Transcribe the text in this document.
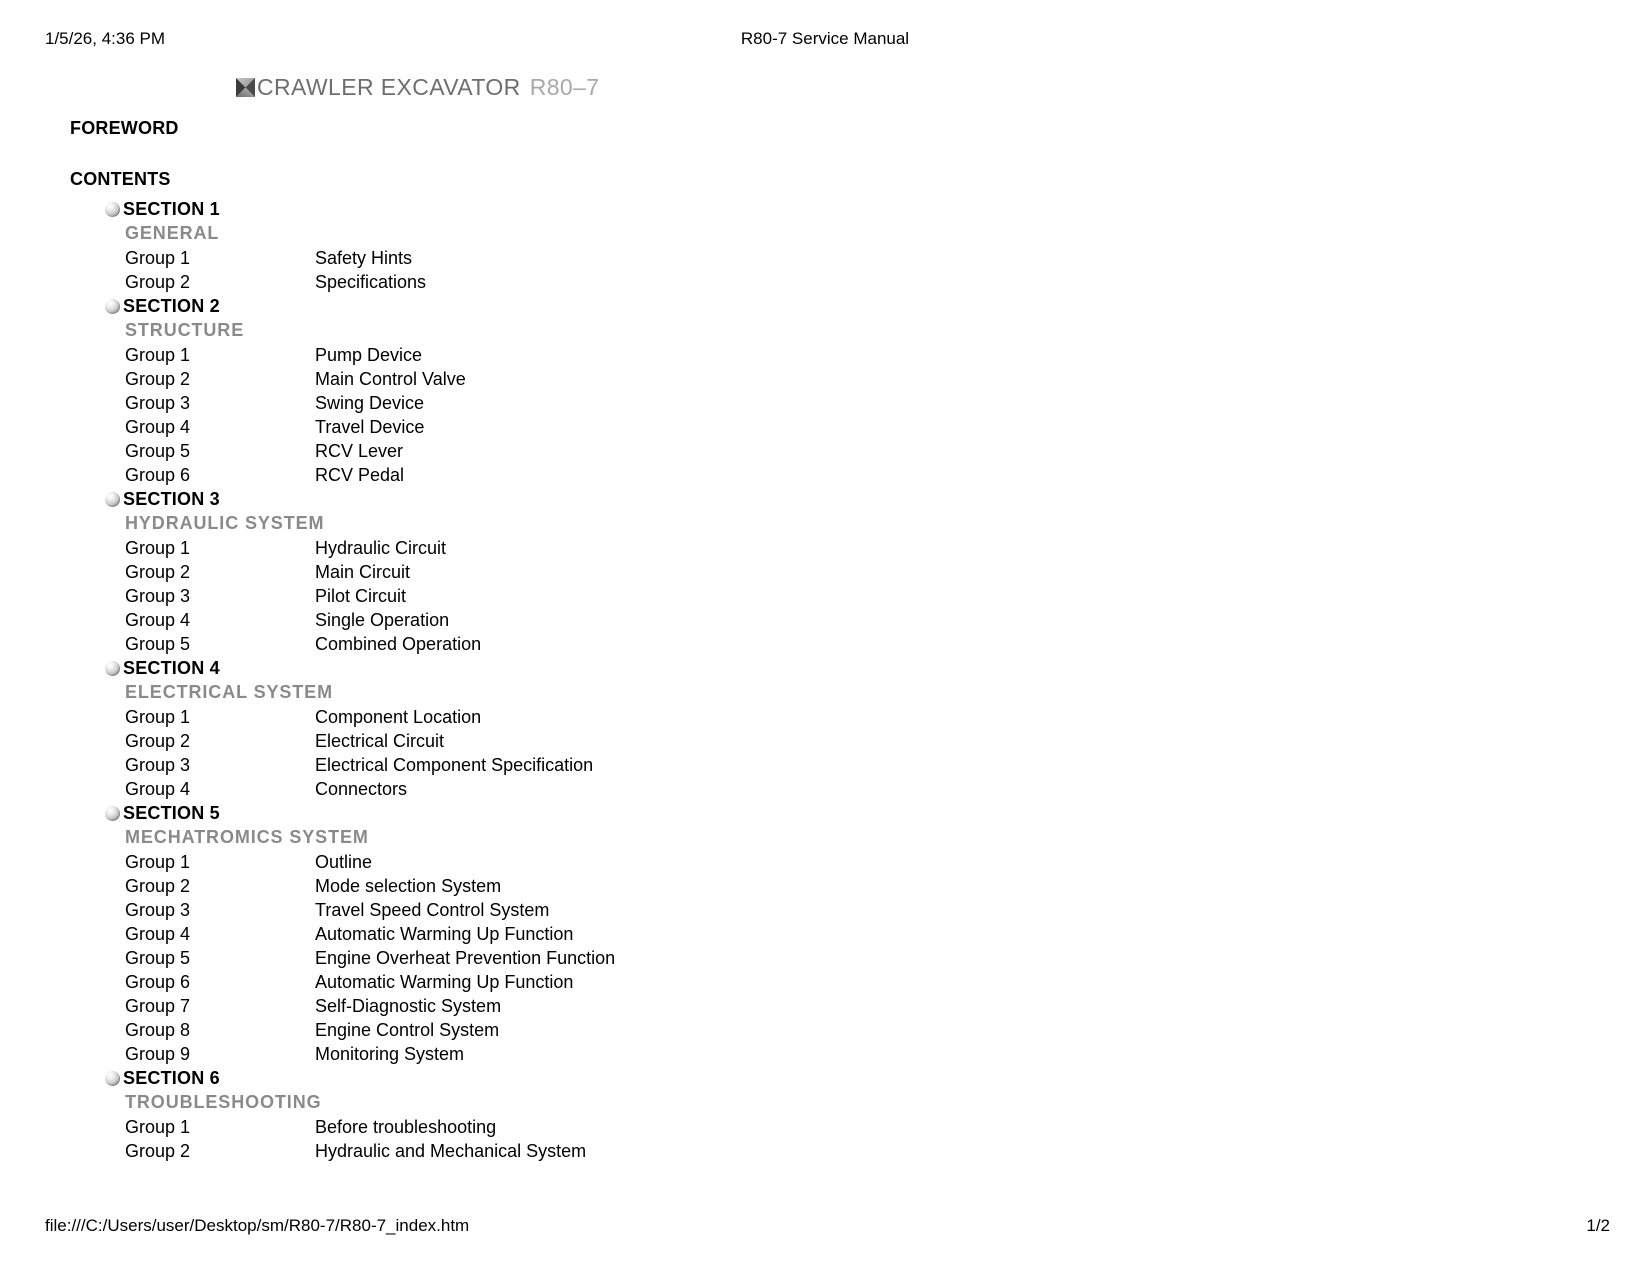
1/5/26, 4:36 PM	R80-7 Service Manual
CRAWLER EXCAVATOR R80–7
FOREWORD
CONTENTS
SECTION 1
GENERAL
Group 1	Safety Hints
Group 2	Specifications
SECTION 2
STRUCTURE
Group 1	Pump Device
Group 2	Main Control Valve
Group 3	Swing Device
Group 4	Travel Device
Group 5	RCV Lever
Group 6	RCV Pedal
SECTION 3
HYDRAULIC SYSTEM
Group 1	Hydraulic Circuit
Group 2	Main Circuit
Group 3	Pilot Circuit
Group 4	Single Operation
Group 5	Combined Operation
SECTION 4
ELECTRICAL SYSTEM
Group 1	Component Location
Group 2	Electrical Circuit
Group 3	Electrical Component Specification
Group 4	Connectors
SECTION 5
MECHATROMICS SYSTEM
Group 1	Outline
Group 2	Mode selection System
Group 3	Travel Speed Control System
Group 4	Automatic Warming Up Function
Group 5	Engine Overheat Prevention Function
Group 6	Automatic Warming Up Function
Group 7	Self-Diagnostic System
Group 8	Engine Control System
Group 9	Monitoring System
SECTION 6
TROUBLESHOOTING
Group 1	Before troubleshooting
Group 2	Hydraulic and Mechanical System
file:///C:/Users/user/Desktop/sm/R80-7/R80-7_index.htm	1/2
